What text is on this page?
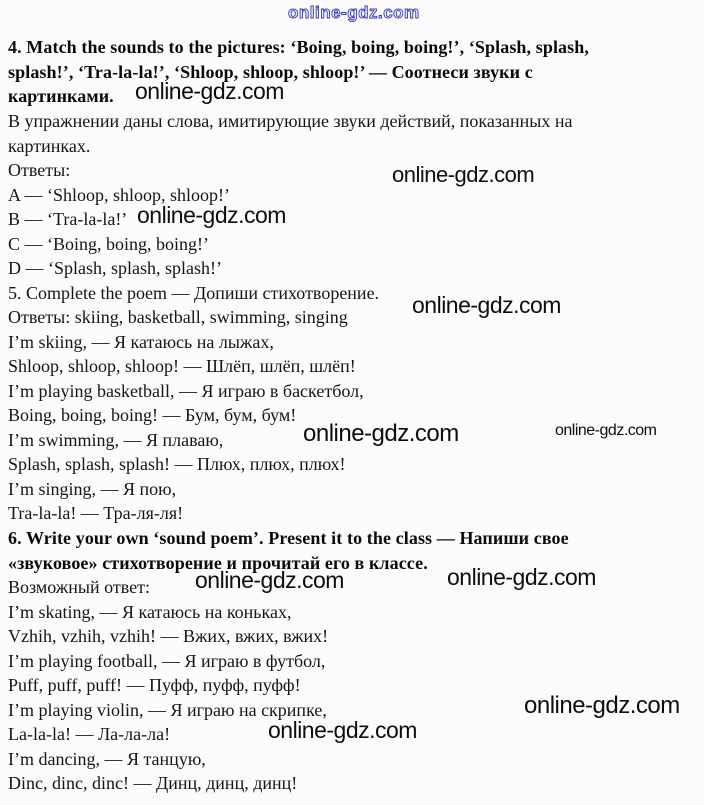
online-gdz.com
4. Match the sounds to the pictures: ‘Boing, boing, boing!’, ‘Splash, splash,
splash!’, ‘Tra-la-la!’, ‘Shloop, shloop, shloop!’ — Соотнеси звуки с
картинками.
В упражнении даны слова, имитирующие звуки действий, показанных на
картинках.
Ответы:
A — ‘Shloop, shloop, shloop!’
B — ‘Tra-la-la!’
C — ‘Boing, boing, boing!’
D — ‘Splash, splash, splash!’
5. Complete the poem — Допиши стихотворение.
Ответы: skiing, basketball, swimming, singing
I’m skiing, — Я катаюсь на лыжах,
Shloop, shloop, shloop! — Шлёп, шлёп, шлёп!
I’m playing basketball, — Я играю в баскетбол,
Boing, boing, boing! — Бум, бум, бум!
I’m swimming, — Я плаваю,
Splash, splash, splash! — Плюх, плюх, плюх!
I’m singing, — Я пою,
Tra-la-la! — Тра-ля-ля!
6. Write your own ‘sound poem’. Present it to the class — Напиши свое
«звуковое» стихотворение и прочитай его в классе.
Возможный ответ:
I’m skating, — Я катаюсь на коньках,
Vzhih, vzhih, vzhih! — Вжих, вжих, вжих!
I’m playing football, — Я играю в футбол,
Puff, puff, puff! — Пуфф, пуфф, пуфф!
I’m playing violin, — Я играю на скрипке,
La-la-la! — Ла-ла-ла!
I’m dancing, — Я танцую,
Dinc, dinc, dinc! — Динц, динц, динц!
online-gdz.com
online-gdz.com
online-gdz.com
online-gdz.com
online-gdz.com	online-gdz.com
online-gdz.com	online-gdz.com
online-gdz.com
online-gdz.com
